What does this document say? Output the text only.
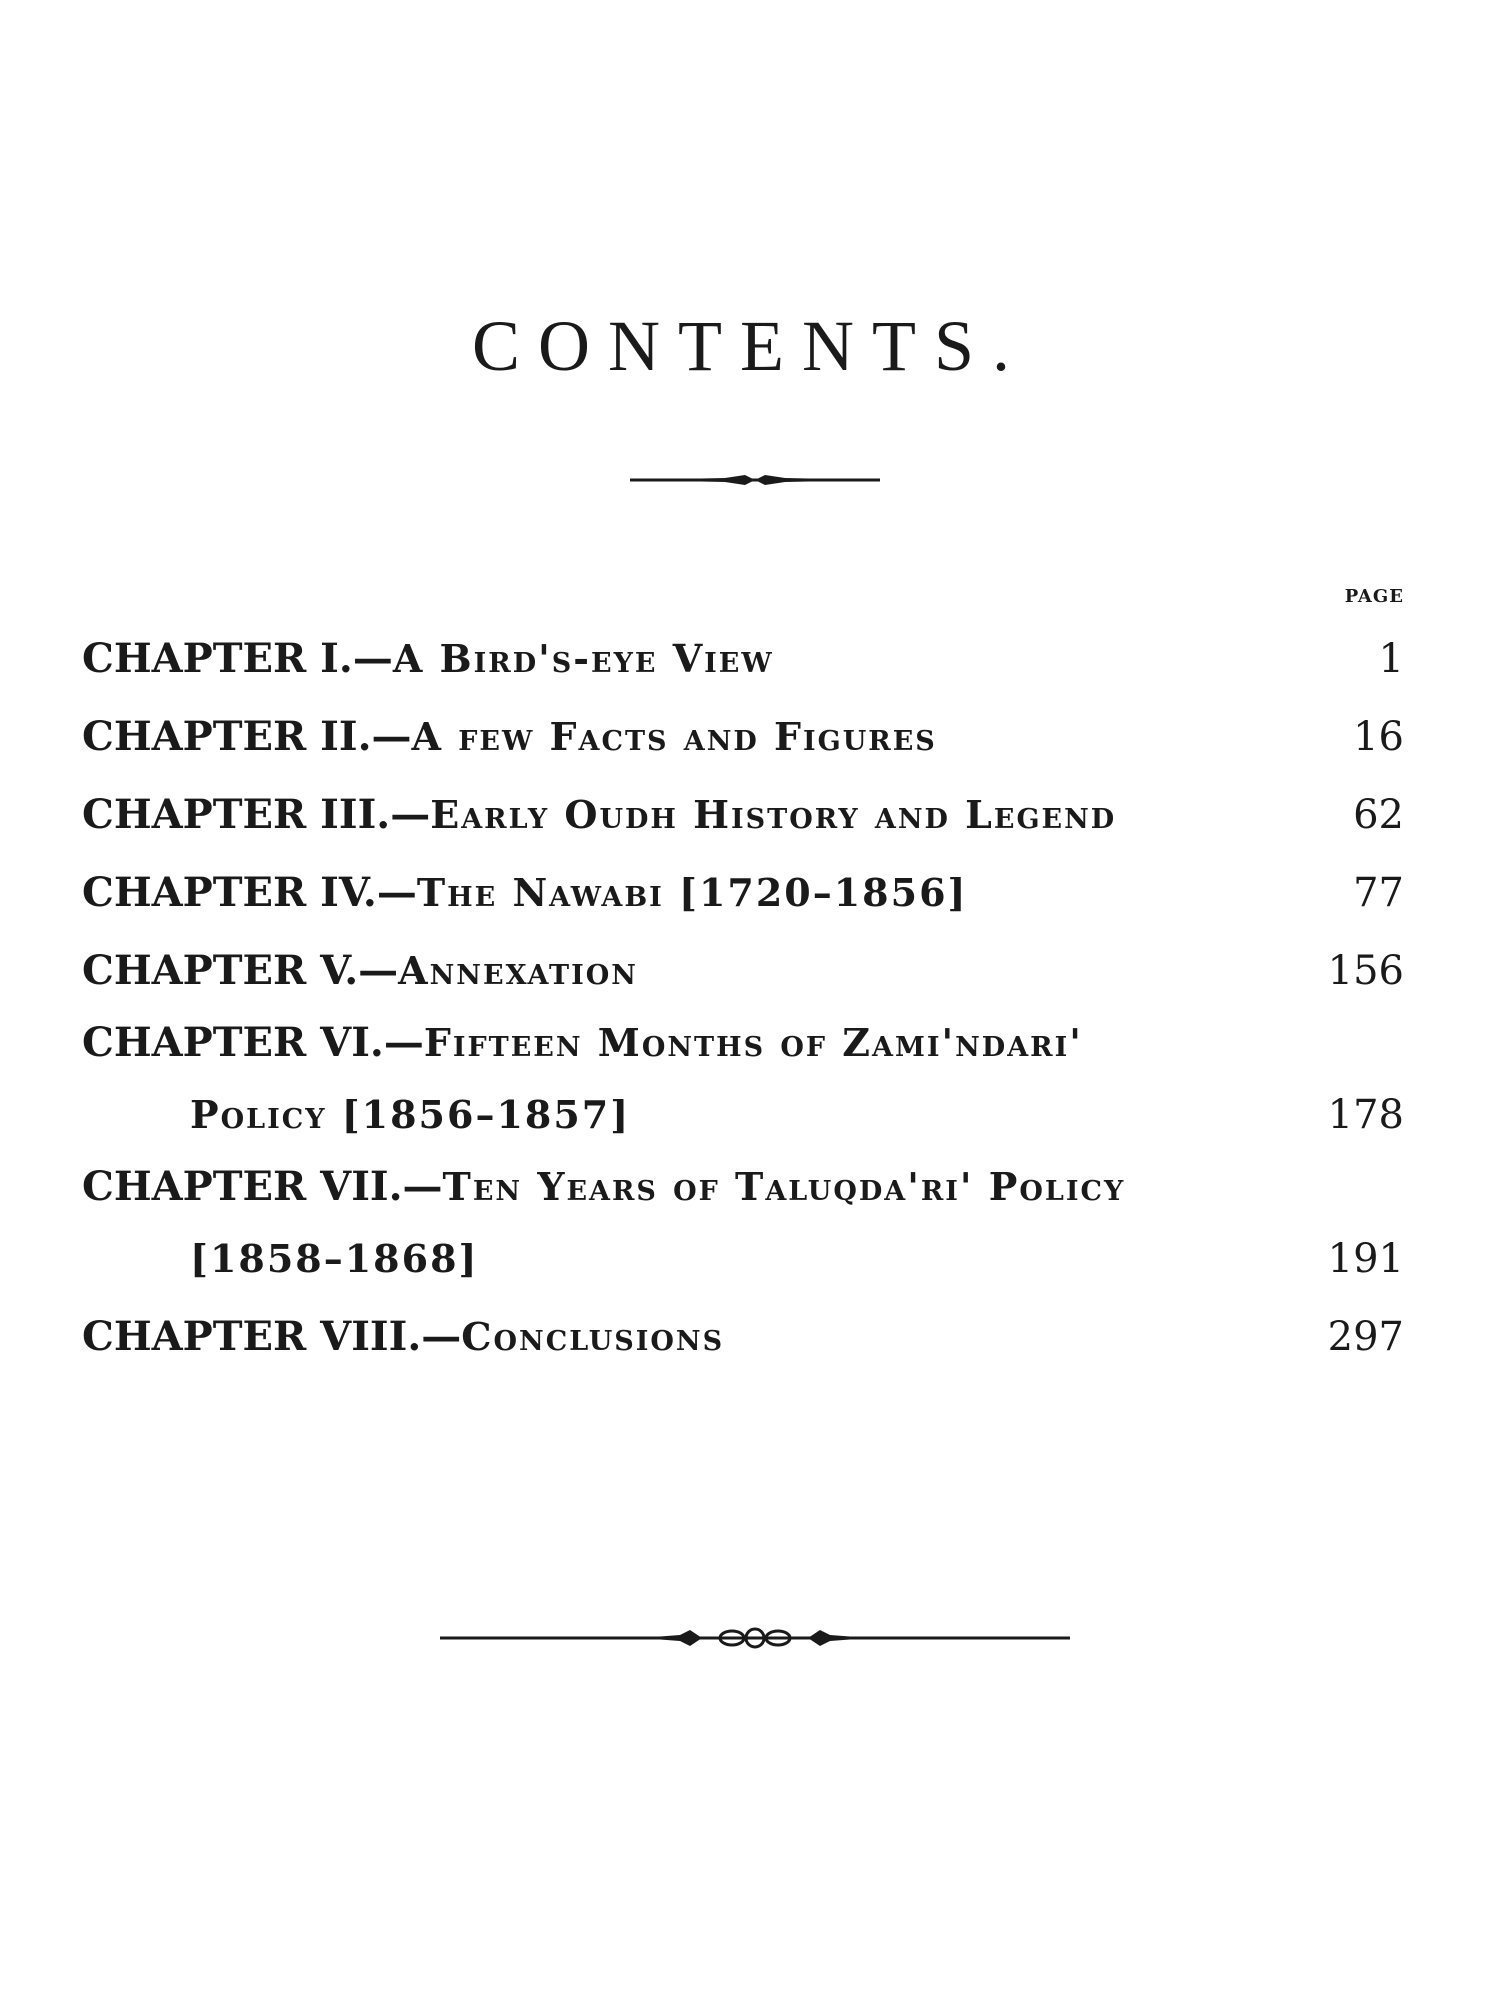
CONTENTS.
PAGE
CHAPTER I.—A Bird's-eye View	1
CHAPTER II.—A few Facts and Figures	16
CHAPTER III.—Early Oudh History and Legend	62
CHAPTER IV.—The Nawabi [1720–1856]	77
CHAPTER V.—Annexation	156
CHAPTER VI.—Fifteen Months of Zami'ndari'
Policy [1856–1857]	178
CHAPTER VII.—Ten Years of Taluqda'ri' Policy
[1858–1868]	191
CHAPTER VIII.—Conclusions	297
